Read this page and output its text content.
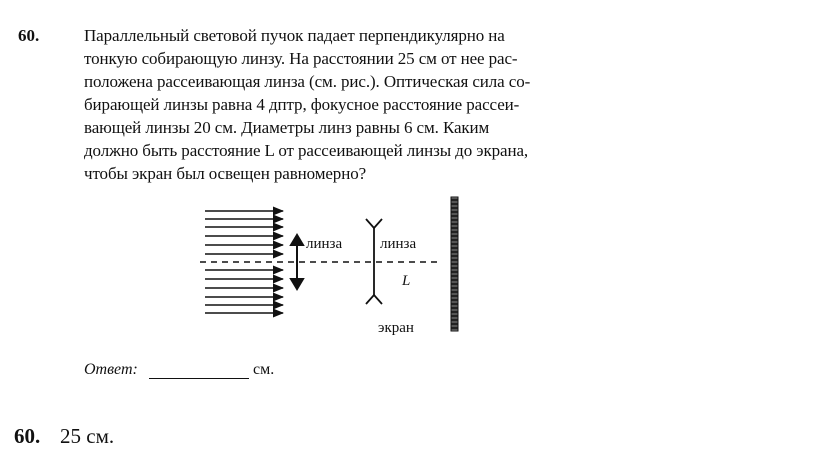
60.	Параллельный световой пучок падает перпендикулярно на
тонкую собирающую линзу. На расстоянии 25 см от нее рас-
положена рассеивающая линза (см. рис.). Оптическая сила со-
бирающей линзы равна 4 дптр, фокусное расстояние рассеи-
вающей линзы 20 см. Диаметры линз равны 6 см. Каким
должно быть расстояние L от рассеивающей линзы до экрана,
чтобы экран был освещен равномерно?
линза	линза
L
экран
Ответ:	см.
60. 25 см.
